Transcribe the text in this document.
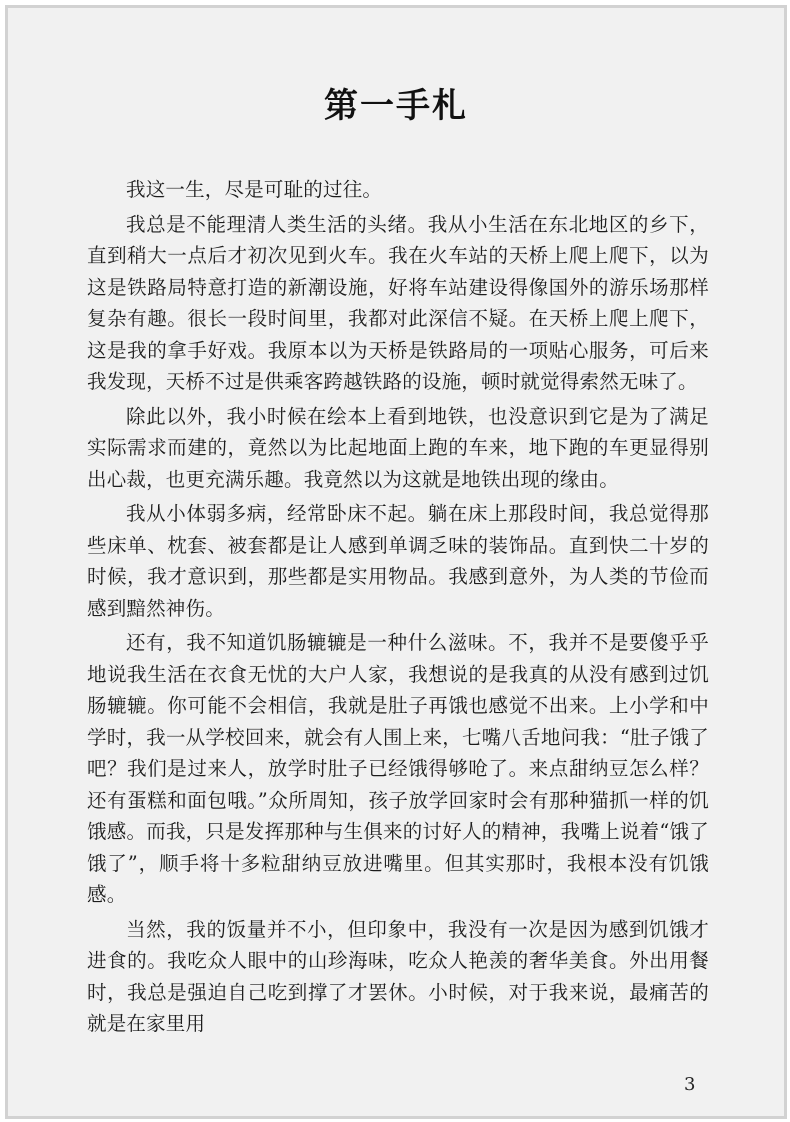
第一手札

我这一生，尽是可耻的过往。

我总是不能理清人类生活的头绪。我从小生活在东北地区的乡下，直到稍大一点后才初次见到火车。我在火车站的天桥上爬上爬下，以为这是铁路局特意打造的新潮设施，好将车站建设得像国外的游乐场那样复杂有趣。很长一段时间里，我都对此深信不疑。在天桥上爬上爬下，这是我的拿手好戏。我原本以为天桥是铁路局的一项贴心服务，可后来我发现，天桥不过是供乘客跨越铁路的设施，顿时就觉得索然无味了。

除此以外，我小时候在绘本上看到地铁，也没意识到它是为了满足实际需求而建的，竟然以为比起地面上跑的车来，地下跑的车更显得别出心裁，也更充满乐趣。我竟然以为这就是地铁出现的缘由。

我从小体弱多病，经常卧床不起。躺在床上那段时间，我总觉得那些床单、枕套、被套都是让人感到单调乏味的装饰品。直到快二十岁的时候，我才意识到，那些都是实用物品。我感到意外，为人类的节俭而感到黯然神伤。

还有，我不知道饥肠辘辘是一种什么滋味。不，我并不是要傻乎乎地说我生活在衣食无忧的大户人家，我想说的是我真的从没有感到过饥肠辘辘。你可能不会相信，我就是肚子再饿也感觉不出来。上小学和中学时，我一从学校回来，就会有人围上来，七嘴八舌地问我：“肚子饿了吧？我们是过来人，放学时肚子已经饿得够呛了。来点甜纳豆怎么样？还有蛋糕和面包哦。”众所周知，孩子放学回家时会有那种猫抓一样的饥饿感。而我，只是发挥那种与生俱来的讨好人的精神，我嘴上说着“饿了饿了”，顺手将十多粒甜纳豆放进嘴里。但其实那时，我根本没有饥饿感。

当然，我的饭量并不小，但印象中，我没有一次是因为感到饥饿才进食的。我吃众人眼中的山珍海味，吃众人艳羡的奢华美食。外出用餐时，我总是强迫自己吃到撑了才罢休。小时候，对于我来说，最痛苦的就是在家里用

3
